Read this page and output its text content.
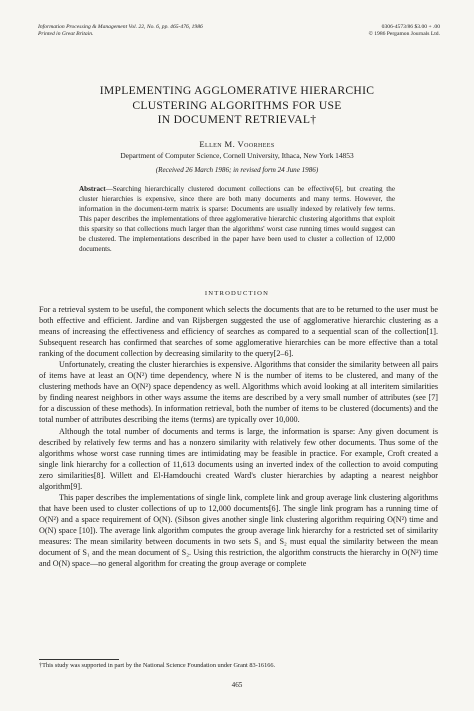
Information Processing & Management Vol. 22, No. 6, pp. 465-476, 1986
Printed in Great Britain.
0306-4573/86 $3.00 + .00
© 1986 Pergamon Journals Ltd.
IMPLEMENTING AGGLOMERATIVE HIERARCHIC
CLUSTERING ALGORITHMS FOR USE
IN DOCUMENT RETRIEVAL†
Ellen M. Voorhees
Department of Computer Science, Cornell University, Ithaca, New York 14853
(Received 26 March 1986; in revised form 24 June 1986)
Abstract—Searching hierarchically clustered document collections can be effective[6], but creating the cluster hierarchies is expensive, since there are both many documents and many terms. However, the information in the document-term matrix is sparse: Documents are usually indexed by relatively few terms. This paper describes the implementations of three agglomerative hierarchic clustering algorithms that exploit this sparsity so that collections much larger than the algorithms' worst case running times would suggest can be clustered. The implementations described in the paper have been used to cluster a collection of 12,000 documents.
INTRODUCTION

For a retrieval system to be useful, the component which selects the documents that are to be returned to the user must be both effective and efficient. Jardine and van Rijsbergen suggested the use of agglomerative hierarchic clustering as a means of increasing the effectiveness and efficiency of searches as compared to a sequential scan of the collection[1]. Subsequent research has confirmed that searches of some agglomerative hierarchies can be more effective than a total ranking of the document collection by decreasing similarity to the query[2–6].

Unfortunately, creating the cluster hierarchies is expensive. Algorithms that consider the similarity between all pairs of items have at least an O(N²) time dependency, where N is the number of items to be clustered, and many of the clustering methods have an O(N²) space dependency as well. Algorithms which avoid looking at all interitem similarities by finding nearest neighbors in other ways assume the items are described by a very small number of attributes (see [7] for a discussion of these methods). In information retrieval, both the number of items to be clustered (documents) and the total number of attributes describing the items (terms) are typically over 10,000.

Although the total number of documents and terms is large, the information is sparse: Any given document is described by relatively few terms and has a nonzero similarity with relatively few other documents. Thus some of the algorithms whose worst case running times are intimidating may be feasible in practice. For example, Croft created a single link hierarchy for a collection of 11,613 documents using an inverted index of the collection to avoid computing zero similarities[8]. Willett and El-Hamdouchi created Ward's cluster hierarchies by adapting a nearest neighbor algorithm[9].

This paper describes the implementations of single link, complete link and group average link clustering algorithms that have been used to cluster collections of up to 12,000 documents[6]. The single link program has a running time of O(N²) and a space requirement of O(N). (Sibson gives another single link clustering algorithm requiring O(N²) time and O(N) space [10]). The average link algorithm computes the group average link hierarchy for a restricted set of similarity measures: The mean similarity between documents in two sets S₁ and S₂ must equal the similarity between the mean document of S₁ and the mean document of S₂. Using this restriction, the algorithm constructs the hierarchy in O(N²) time and O(N) space—no general algorithm for creating the group average or complete

†This study was supported in part by the National Science Foundation under Grant 83-16166.
465
